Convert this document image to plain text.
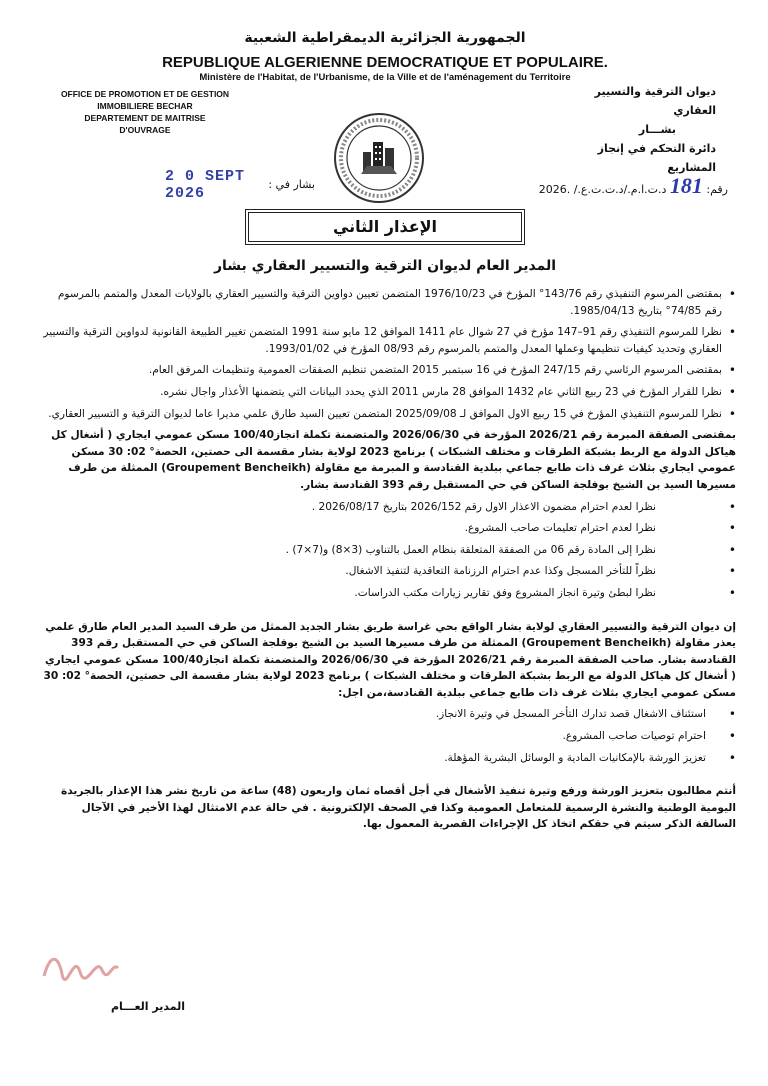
الجمهورية الجزائرية الديمقراطية الشعبية
REPUBLIQUE ALGERIENNE DEMOCRATIQUE ET POPULAIRE.
Ministère de l'Habitat, de l'Urbanisme, de la Ville et de l'aménagement du Territoire
OFFICE DE PROMOTION ET DE GESTION
IMMOBILIERE BECHAR
DEPARTEMENT DE MAITRISE
D'OUVRAGE
ديوان الترقية والتسيير العقاري
بشـــار
دائرة التحكم في إنجاز المشاريع
رقم: 181 د.ت.ا.م./د.ت.ت.ع./ .2026
بشار في :
2 0 SEPT 2026
الإعذار الثاني
المدير العام لديوان الترقية والتسيير العقاري بشار

• بمقتضى المرسوم التنفيذي رقم 143/76° المؤرخ في 1976/10/23 المتضمن تعيين دواوين الترقية والتسيير العقاري بالولايات المعدل والمتمم بالمرسوم رقم 74/85° بتاريخ 1985/04/13.

• نظرا للمرسوم التنفيذي رقم 91–147 مؤرخ في 27 شوال عام 1411 الموافق 12 مايو سنة 1991 المتضمن تغيير الطبيعة القانونية لدواوين الترقية والتسيير العقاري وتحديد كيفيات تنظيمها وعملها المعدل والمتمم بالمرسوم رقم 08/93 المؤرخ في 1993/01/02.

• بمقتضى المرسوم الرئاسي رقم 247/15 المؤرخ في 16 سبتمبر 2015 المتضمن تنظيم الصفقات العمومية وتنظيمات المرفق العام.

• نظرا للقرار المؤرخ في 23 ربيع الثاني عام 1432 الموافق 28 مارس 2011 الذي يحدد البيانات التي يتضمنها الأعذار واجال نشره.

• نظرا للمرسوم التنفيذي المؤرخ في 15 ربيع الاول الموافق لـ 2025/09/08 المتضمن تعيين السيد طارق علمي مديرا عاما لديوان الترقية و التسيير العقاري.

بمقتضى الصفقة المبرمة رقم 2026/21 المؤرخة في 2026/06/30 والمتضمنة تكملة انجاز100/40 مسكن عمومي ايجاري ( أشغال كل هياكل الدولة مع الربط بشبكة الطرقات و مختلف الشبكات ) برنامج 2023 لولاية بشار مقسمة الى حصتين، الحصة° 02: 30 مسكن عمومي ايجاري بثلاث غرف ذات طابع جماعي ببلدية القنادسة و المبرمة مع مقاولة (Groupement Bencheikh) الممثلة من طرف مسيرها السيد بن الشيخ بوفلجة الساكن في حي المستقبل رقم 393 القنادسة بشار.

• نظرا لعدم احترام مضمون الاعذار الاول رقم 2026/152 بتاريخ 2026/08/17 .

• نظرا لعدم احترام تعليمات صاحب المشروع.

• نظرا إلى المادة رقم 06 من الصفقة المتعلقة بنظام العمل بالتناوب (3×8) و(7×7) .

• نظراً للتأخر المسجل وكذا عدم احترام الرزنامة التعاقدية لتنفيذ الاشغال.

• نظرا لبطئ وتيرة انجاز المشروع وفق تقارير زيارات مكتب الدراسات.

إن ديوان الترقية والتسيير العقاري لولاية بشار الواقع بحي غراسة طريق بشار الجديد الممثل من طرف السيد المدير العام طارق علمي يعذر مقاولة (Groupement Bencheikh) الممثلة من طرف مسيرها السيد بن الشيخ بوفلجة الساكن في حي المستقبل رقم 393 القنادسة بشار. صاحب الصفقة المبرمة رقم 2026/21 المؤرخة في 2026/06/30 والمتضمنة تكملة انجاز100/40 مسكن عمومي ايجاري ( أشغال كل هياكل الدولة مع الربط بشبكة الطرقات و مختلف الشبكات ) برنامج 2023 لولاية بشار مقسمة الى حصتين، الحصة° 02: 30 مسكن عمومي ايجاري بثلاث غرف ذات طابع جماعي ببلدية القنادسة،من اجل:

• استئناف الاشغال قصد تدارك التأخر المسجل في وتيرة الانجاز.

• احترام توصيات صاحب المشروع.

• تعزيز الورشة بالإمكانيات المادية و الوسائل البشرية المؤهلة.

أنتم مطالبون بتعزيز الورشة ورفع وتيرة تنفيذ الأشغال في أجل أقصاه ثمان واربعون (48) ساعة من تاريخ نشر هذا الإعذار بالجريدة اليومية الوطنية والنشرة الرسمية للمتعامل العمومية وكذا في الصحف الإلكترونية . في حالة عدم الامتثال لهذا الأخير في الآجال السالفة الذكر سيتم في حقكم اتخاذ كل الإجراءات القصرية المعمول بها.

المدير العـــام
